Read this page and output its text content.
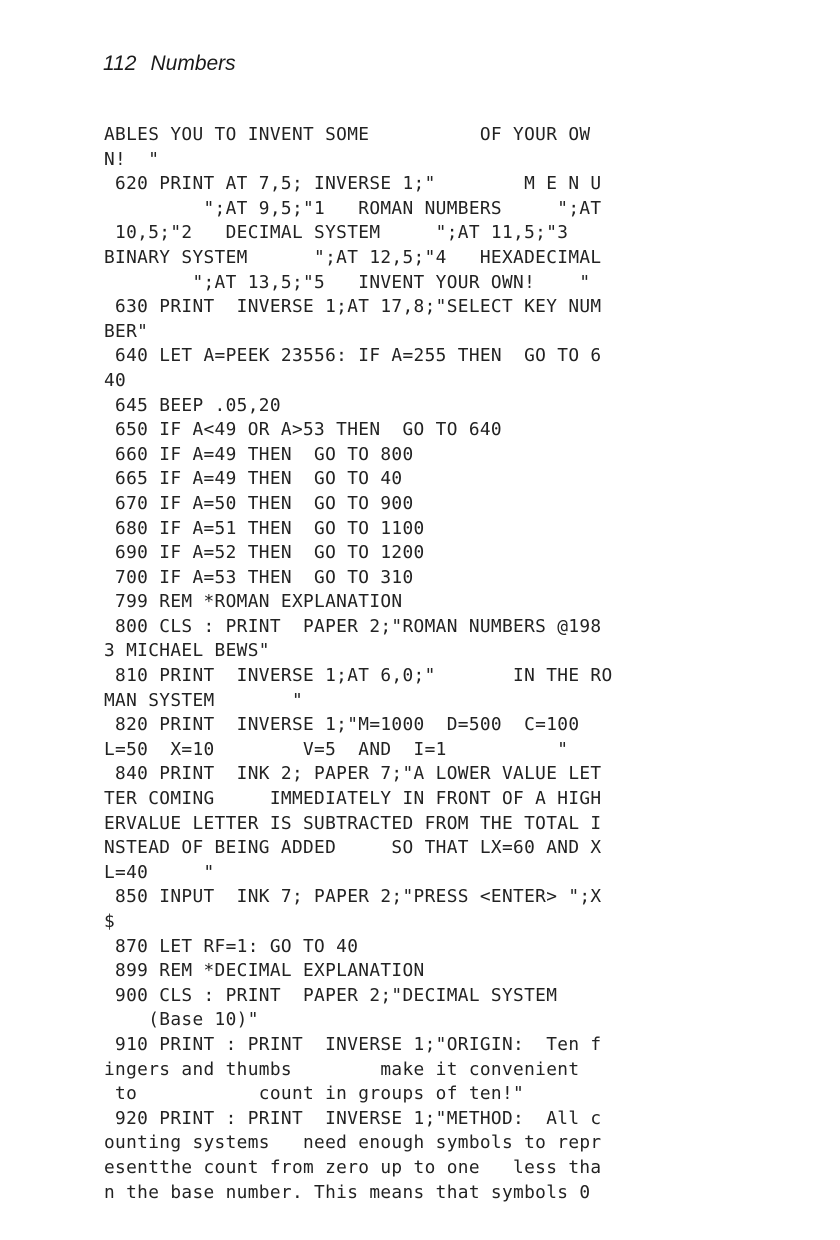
112 Numbers
ABLES YOU TO INVENT SOME          OF YOUR OW
N!  "
620 PRINT AT 7,5; INVERSE 1;"        M E N U
";AT 9,5;"1   ROMAN NUMBERS     ";AT
10,5;"2   DECIMAL SYSTEM     ";AT 11,5;"3
BINARY SYSTEM      ";AT 12,5;"4   HEXADECIMAL
";AT 13,5;"5   INVENT YOUR OWN!    "
630 PRINT  INVERSE 1;AT 17,8;"SELECT KEY NUM
BER"
640 LET A=PEEK 23556: IF A=255 THEN  GO TO 6
40
645 BEEP .05,20
650 IF A<49 OR A>53 THEN  GO TO 640
660 IF A=49 THEN  GO TO 800
665 IF A=49 THEN  GO TO 40
670 IF A=50 THEN  GO TO 900
680 IF A=51 THEN  GO TO 1100
690 IF A=52 THEN  GO TO 1200
700 IF A=53 THEN  GO TO 310
799 REM *ROMAN EXPLANATION
800 CLS : PRINT  PAPER 2;"ROMAN NUMBERS @198
3 MICHAEL BEWS"
810 PRINT  INVERSE 1;AT 6,0;"       IN THE RO
MAN SYSTEM       "
820 PRINT  INVERSE 1;"M=1000  D=500  C=100
L=50  X=10        V=5  AND  I=1          "
840 PRINT  INK 2; PAPER 7;"A LOWER VALUE LET
TER COMING     IMMEDIATELY IN FRONT OF A HIGH
ERVALUE LETTER IS SUBTRACTED FROM THE TOTAL I
NSTEAD OF BEING ADDED     SO THAT LX=60 AND X
L=40     "
850 INPUT  INK 7; PAPER 2;"PRESS <ENTER> ";X
$
870 LET RF=1: GO TO 40
899 REM *DECIMAL EXPLANATION
900 CLS : PRINT  PAPER 2;"DECIMAL SYSTEM
(Base 10)"
910 PRINT : PRINT  INVERSE 1;"ORIGIN:  Ten f
ingers and thumbs        make it convenient
to           count in groups of ten!"
920 PRINT : PRINT  INVERSE 1;"METHOD:  All c
ounting systems   need enough symbols to repr
esentthe count from zero up to one   less tha
n the base number. This means that symbols 0
